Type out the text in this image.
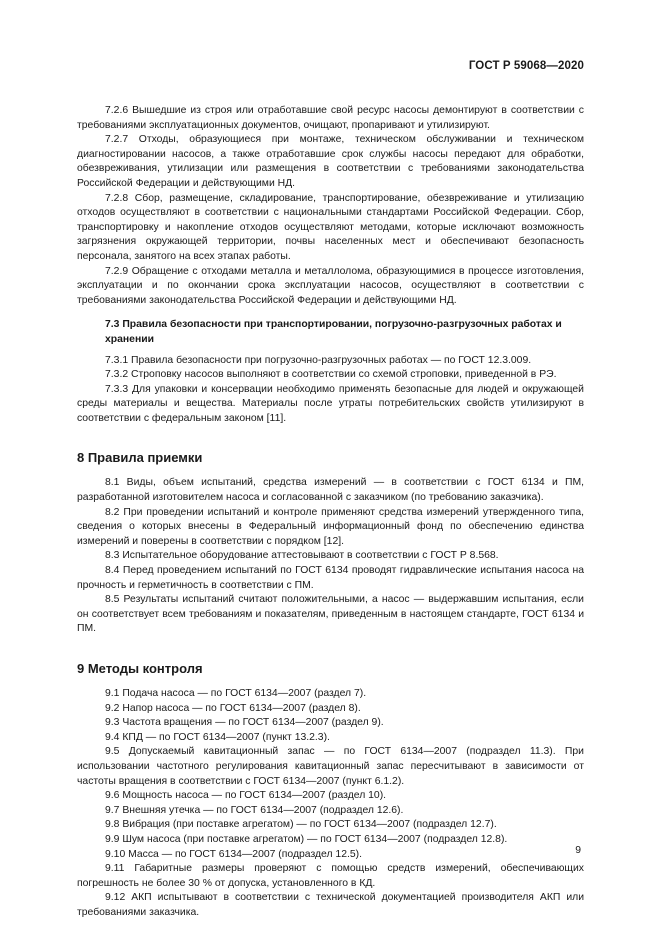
ГОСТ Р 59068—2020

7.2.6 Вышедшие из строя или отработавшие свой ресурс насосы демонтируют в соответствии с требованиями эксплуатационных документов, очищают, пропаривают и утилизируют.

7.2.7 Отходы, образующиеся при монтаже, техническом обслуживании и техническом диагностировании насосов, а также отработавшие срок службы насосы передают для обработки, обезвреживания, утилизации или размещения в соответствии с требованиями законодательства Российской Федерации и действующими НД.

7.2.8 Сбор, размещение, складирование, транспортирование, обезвреживание и утилизацию отходов осуществляют в соответствии с национальными стандартами Российской Федерации. Сбор, транспортировку и накопление отходов осуществляют методами, которые исключают возможность загрязнения окружающей территории, почвы населенных мест и обеспечивают безопасность персонала, занятого на всех этапах работы.

7.2.9 Обращение с отходами металла и металлолома, образующимися в процессе изготовления, эксплуатации и по окончании срока эксплуатации насосов, осуществляют в соответствии с требованиями законодательства Российской Федерации и действующими НД.

7.3 Правила безопасности при транспортировании, погрузочно-разгрузочных работах и хранении

7.3.1 Правила безопасности при погрузочно-разгрузочных работах — по ГОСТ 12.3.009.

7.3.2 Строповку насосов выполняют в соответствии со схемой строповки, приведенной в РЭ.

7.3.3 Для упаковки и консервации необходимо применять безопасные для людей и окружающей среды материалы и вещества. Материалы после утраты потребительских свойств утилизируют в соответствии с федеральным законом [11].

8 Правила приемки

8.1 Виды, объем испытаний, средства измерений — в соответствии с ГОСТ 6134 и ПМ, разработанной изготовителем насоса и согласованной с заказчиком (по требованию заказчика).

8.2 При проведении испытаний и контроле применяют средства измерений утвержденного типа, сведения о которых внесены в Федеральный информационный фонд по обеспечению единства измерений и поверены в соответствии с порядком [12].

8.3 Испытательное оборудование аттестовывают в соответствии с ГОСТ Р 8.568.

8.4 Перед проведением испытаний по ГОСТ 6134 проводят гидравлические испытания насоса на прочность и герметичность в соответствии с ПМ.

8.5 Результаты испытаний считают положительными, а насос — выдержавшим испытания, если он соответствует всем требованиям и показателям, приведенным в настоящем стандарте, ГОСТ 6134 и ПМ.

9 Методы контроля

9.1 Подача насоса — по ГОСТ 6134—2007 (раздел 7).

9.2 Напор насоса — по ГОСТ 6134—2007 (раздел 8).

9.3 Частота вращения — по ГОСТ 6134—2007 (раздел 9).

9.4 КПД — по ГОСТ 6134—2007 (пункт 13.2.3).

9.5 Допускаемый кавитационный запас — по ГОСТ 6134—2007 (подраздел 11.3). При использовании частотного регулирования кавитационный запас пересчитывают в зависимости от частоты вращения в соответствии с ГОСТ 6134—2007 (пункт 6.1.2).

9.6 Мощность насоса — по ГОСТ 6134—2007 (раздел 10).

9.7 Внешняя утечка — по ГОСТ 6134—2007 (подраздел 12.6).

9.8 Вибрация (при поставке агрегатом) — по ГОСТ 6134—2007 (подраздел 12.7).

9.9 Шум насоса (при поставке агрегатом) — по ГОСТ 6134—2007 (подраздел 12.8).

9.10 Масса — по ГОСТ 6134—2007 (подраздел 12.5).

9.11 Габаритные размеры проверяют с помощью средств измерений, обеспечивающих погрешность не более 30 % от допуска, установленного в КД.

9.12 АКП испытывают в соответствии с технической документацией производителя АКП или требованиями заказчика.

9
